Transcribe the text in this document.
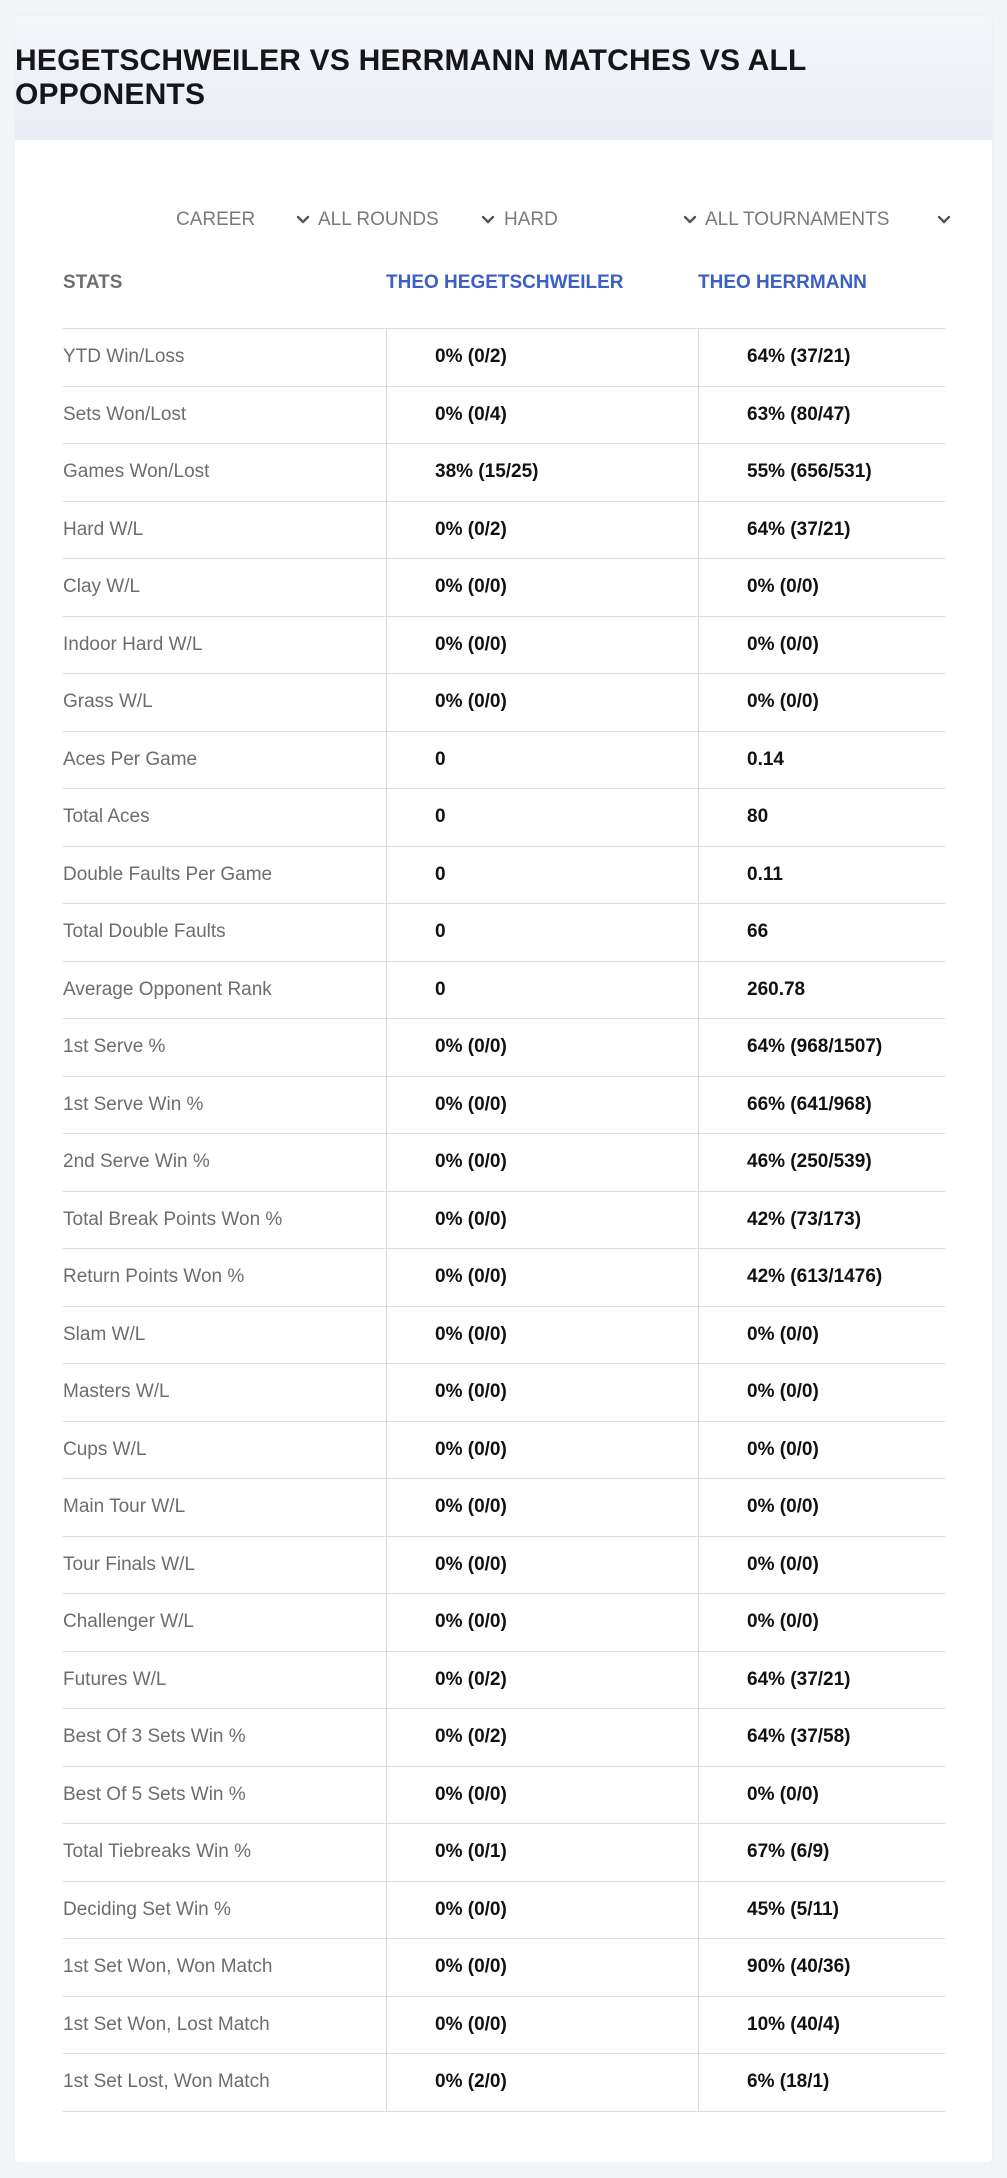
HEGETSCHWEILER VS HERRMANN MATCHES VS ALL OPPONENTS
CAREER	ALL ROUNDS	HARD	ALL TOURNAMENTS
STATS	THEO HEGETSCHWEILER	THEO HERRMANN
YTD Win/Loss	0% (0/2)	64% (37/21)
Sets Won/Lost	0% (0/4)	63% (80/47)
Games Won/Lost	38% (15/25)	55% (656/531)
Hard W/L	0% (0/2)	64% (37/21)
Clay W/L	0% (0/0)	0% (0/0)
Indoor Hard W/L	0% (0/0)	0% (0/0)
Grass W/L	0% (0/0)	0% (0/0)
Aces Per Game	0	0.14
Total Aces	0	80
Double Faults Per Game	0	0.11
Total Double Faults	0	66
Average Opponent Rank	0	260.78
1st Serve %	0% (0/0)	64% (968/1507)
1st Serve Win %	0% (0/0)	66% (641/968)
2nd Serve Win %	0% (0/0)	46% (250/539)
Total Break Points Won %	0% (0/0)	42% (73/173)
Return Points Won %	0% (0/0)	42% (613/1476)
Slam W/L	0% (0/0)	0% (0/0)
Masters W/L	0% (0/0)	0% (0/0)
Cups W/L	0% (0/0)	0% (0/0)
Main Tour W/L	0% (0/0)	0% (0/0)
Tour Finals W/L	0% (0/0)	0% (0/0)
Challenger W/L	0% (0/0)	0% (0/0)
Futures W/L	0% (0/2)	64% (37/21)
Best Of 3 Sets Win %	0% (0/2)	64% (37/58)
Best Of 5 Sets Win %	0% (0/0)	0% (0/0)
Total Tiebreaks Win %	0% (0/1)	67% (6/9)
Deciding Set Win %	0% (0/0)	45% (5/11)
1st Set Won, Won Match	0% (0/0)	90% (40/36)
1st Set Won, Lost Match	0% (0/0)	10% (40/4)
1st Set Lost, Won Match	0% (2/0)	6% (18/1)
